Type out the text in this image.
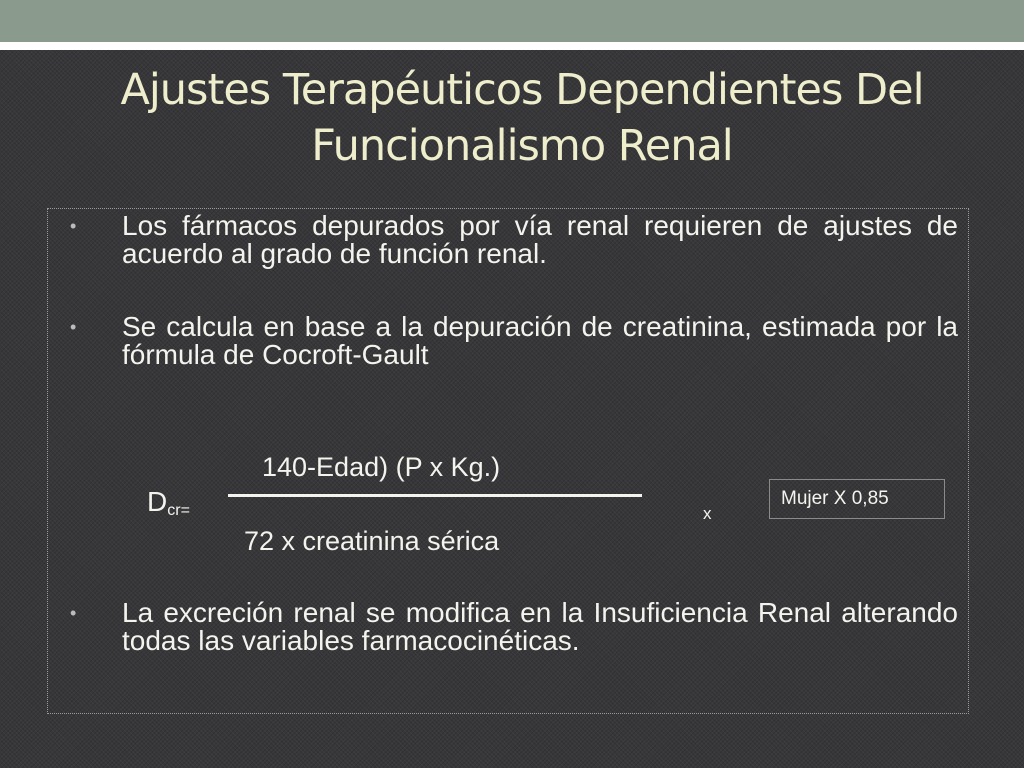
Ajustes Terapéuticos Dependientes Del Funcionalismo Renal
• Los fármacos depurados por vía renal requieren de ajustes de acuerdo al grado de función renal.

• Se calcula en base a la depuración de creatinina, estimada por la fórmula de Cocroft-Gault

140-Edad) (P x Kg.)
72 x creatinina sérica
Dcr=	x
Mujer X 0,85
• La excreción renal se modifica en la Insuficiencia Renal alterando todas las variables farmacocinéticas.
